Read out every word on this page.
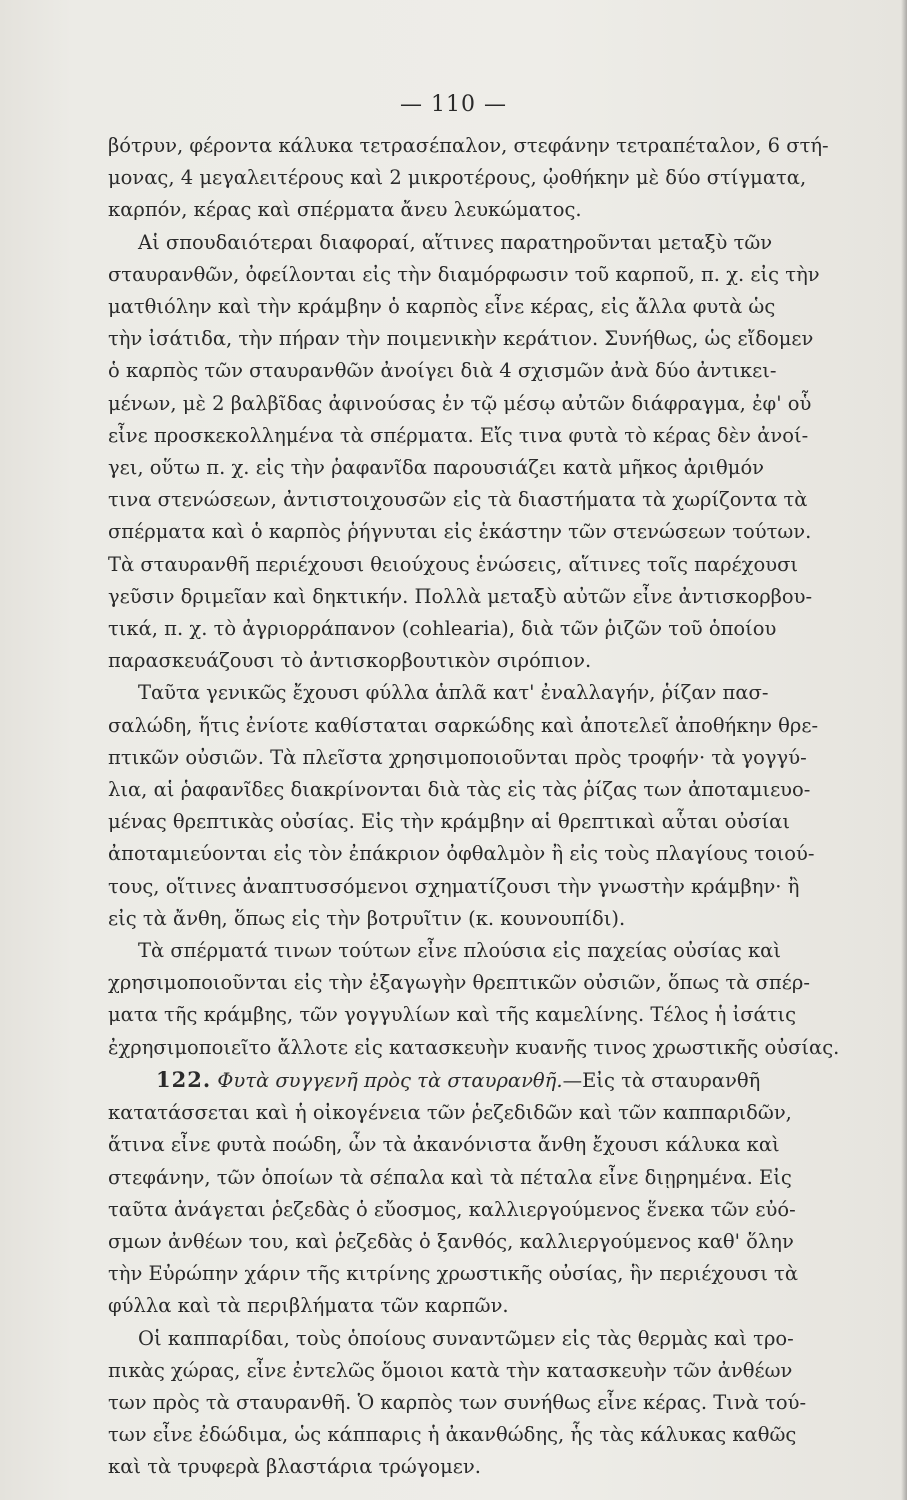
— 110 —

βότρυν, φέροντα κάλυκα τετρασέπαλον, στεφάνην τετραπέταλον, 6 στή-
μονας, 4 μεγαλειτέρους καὶ 2 μικροτέρους, ᾠοθήκην μὲ δύο στίγματα,
καρπόν, κέρας καὶ σπέρματα ἄνευ λευκώματος.

Αἱ σπουδαιότεραι διαφοραί, αἵτινες παρατηροῦνται μεταξὺ τῶν
σταυρανθῶν, ὀφείλονται εἰς τὴν διαμόρφωσιν τοῦ καρποῦ, π. χ. εἰς τὴν
ματθιόλην καὶ τὴν κράμβην ὁ καρπὸς εἶνε κέρας, εἰς ἄλλα φυτὰ ὡς
τὴν ἰσάτιδα, τὴν πήραν τὴν ποιμενικὴν κεράτιον. Συνήθως, ὡς εἴδομεν
ὁ καρπὸς τῶν σταυρανθῶν ἀνοίγει διὰ 4 σχισμῶν ἀνὰ δύο ἀντικει-
μένων, μὲ 2 βαλβῖδας ἀφινούσας ἐν τῷ μέσῳ αὐτῶν διάφραγμα, ἐφ' οὗ
εἶνε προσκεκολλημένα τὰ σπέρματα. Εἴς τινα φυτὰ τὸ κέρας δὲν ἀνοί-
γει, οὕτω π. χ. εἰς τὴν ῥαφανῖδα παρουσιάζει κατὰ μῆκος ἀριθμόν
τινα στενώσεων, ἀντιστοιχουσῶν εἰς τὰ διαστήματα τὰ χωρίζοντα τὰ
σπέρματα καὶ ὁ καρπὸς ῥήγνυται εἰς ἑκάστην τῶν στενώσεων τούτων.
Τὰ σταυρανθῆ περιέχουσι θειούχους ἑνώσεις, αἵτινες τοῖς παρέχουσι
γεῦσιν δριμεῖαν καὶ δηκτικήν. Πολλὰ μεταξὺ αὐτῶν εἶνε ἀντισκορβου-
τικά, π. χ. τὸ ἀγριορράπανον (cohlearia), διὰ τῶν ῥιζῶν τοῦ ὁποίου
παρασκευάζουσι τὸ ἀντισκορβουτικὸν σιρόπιον.

Ταῦτα γενικῶς ἔχουσι φύλλα ἁπλᾶ κατ' ἐναλλαγήν, ῥίζαν πασ-
σαλώδη, ἥτις ἐνίοτε καθίσταται σαρκώδης καὶ ἀποτελεῖ ἀποθήκην θρε-
πτικῶν οὐσιῶν. Τὰ πλεῖστα χρησιμοποιοῦνται πρὸς τροφήν· τὰ γογγύ-
λια, αἱ ῥαφανῖδες διακρίνονται διὰ τὰς εἰς τὰς ῥίζας των ἀποταμιευο-
μένας θρεπτικὰς οὐσίας. Εἰς τὴν κράμβην αἱ θρεπτικαὶ αὗται οὐσίαι
ἀποταμιεύονται εἰς τὸν ἐπάκριον ὀφθαλμὸν ἢ εἰς τοὺς πλαγίους τοιού-
τους, οἵτινες ἀναπτυσσόμενοι σχηματίζουσι τὴν γνωστὴν κράμβην· ἢ
εἰς τὰ ἄνθη, ὅπως εἰς τὴν βοτρυῖτιν (κ. κουνουπίδι).

Τὰ σπέρματά τινων τούτων εἶνε πλούσια εἰς παχείας οὐσίας καὶ
χρησιμοποιοῦνται εἰς τὴν ἐξαγωγὴν θρεπτικῶν οὐσιῶν, ὅπως τὰ σπέρ-
ματα τῆς κράμβης, τῶν γογγυλίων καὶ τῆς καμελίνης. Τέλος ἡ ἰσάτις
ἐχρησιμοποιεῖτο ἄλλοτε εἰς κατασκευὴν κυανῆς τινος χρωστικῆς οὐσίας.

122. Φυτὰ συγγενῆ πρὸς τὰ σταυρανθῆ.—Εἰς τὰ σταυρανθῆ
κατατάσσεται καὶ ἡ οἰκογένεια τῶν ῥεζεδιδῶν καὶ τῶν καππαριδῶν,
ἅτινα εἶνε φυτὰ ποώδη, ὧν τὰ ἀκανόνιστα ἄνθη ἔχουσι κάλυκα καὶ
στεφάνην, τῶν ὁποίων τὰ σέπαλα καὶ τὰ πέταλα εἶνε διῃρημένα. Εἰς
ταῦτα ἀνάγεται ῥεζεδὰς ὁ εὔοσμος, καλλιεργούμενος ἕνεκα τῶν εὐό-
σμων ἀνθέων του, καὶ ῥεζεδὰς ὁ ξανθός, καλλιεργούμενος καθ' ὅλην
τὴν Εὐρώπην χάριν τῆς κιτρίνης χρωστικῆς οὐσίας, ἣν περιέχουσι τὰ
φύλλα καὶ τὰ περιβλήματα τῶν καρπῶν.

Οἱ καππαρίδαι, τοὺς ὁποίους συναντῶμεν εἰς τὰς θερμὰς καὶ τρο-
πικὰς χώρας, εἶνε ἐντελῶς ὅμοιοι κατὰ τὴν κατασκευὴν τῶν ἀνθέων
των πρὸς τὰ σταυρανθῆ. Ὁ καρπὸς των συνήθως εἶνε κέρας. Τινὰ τού-
των εἶνε ἐδώδιμα, ὡς κάππαρις ἡ ἀκανθώδης, ἧς τὰς κάλυκας καθῶς
καὶ τὰ τρυφερὰ βλαστάρια τρώγομεν.
